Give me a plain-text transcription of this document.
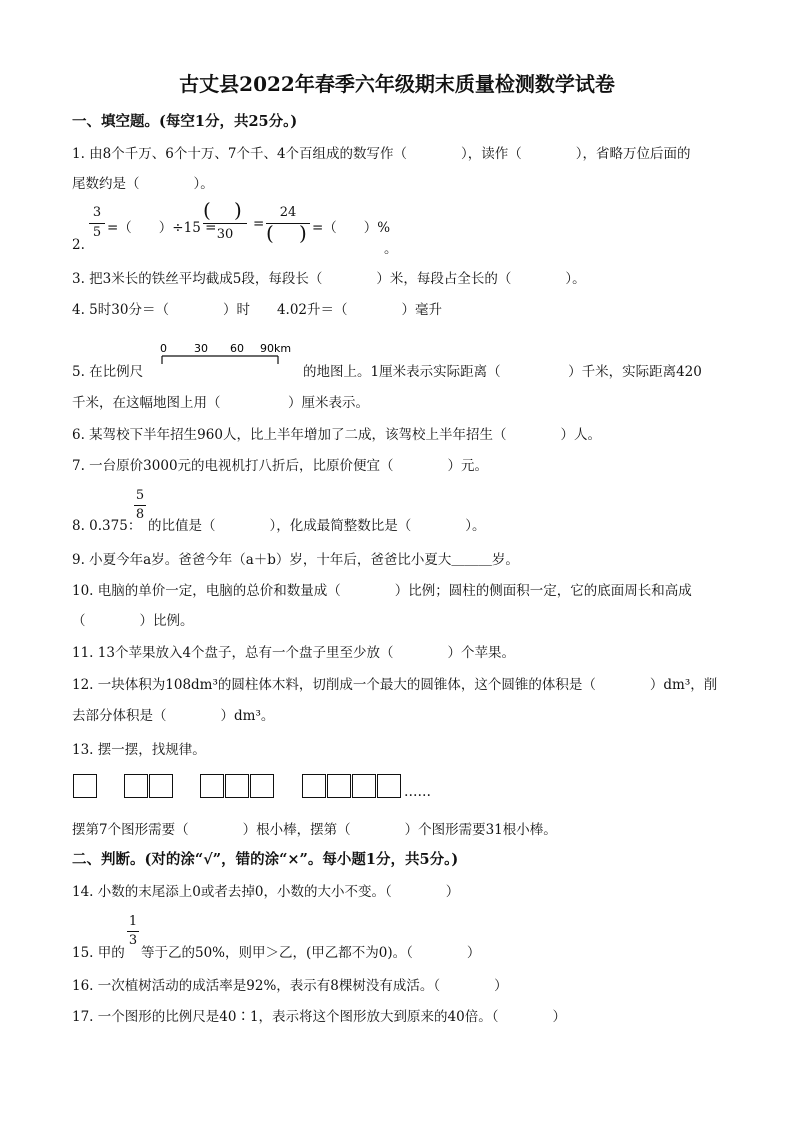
古丈县2022年春季六年级期末质量检测数学试卷
一、填空题。(每空1分，共25分。)
1. 由8个千万、6个十万、7个千、4个百组成的数写作（　　　　），读作（　　　　），省略万位后面的
尾数约是（　　　　）。
3
5 =（　　）÷15 =
( )
30
=
24
( ) =（　　）%
2.	。
3. 把3米长的铁丝平均截成5段，每段长（　　　　）米，每段占全长的（　　　　）。
4. 5时30分＝（　　　　）时　　4.02升＝（　　　　）毫升
5. 在比例尺
0 30 60 90km
的地图上。1厘米表示实际距离（　　　　　）千米，实际距离420
千米，在这幅地图上用（　　　　　）厘米表示。
6. 某驾校下半年招生960人，比上半年增加了二成，该驾校上半年招生（　　　　）人。
7. 一台原价3000元的电视机打八折后，比原价便宜（　　　　）元。
8. 0.375：
5
8
的比值是（　　　　），化成最简整数比是（　　　　）。
9. 小夏今年a岁。爸爸今年（a＋b）岁，十年后，爸爸比小夏大＿＿＿岁。
10. 电脑的单价一定，电脑的总价和数量成（　　　　）比例；圆柱的侧面积一定，它的底面周长和高成
（　　　　）比例。
11. 13个苹果放入4个盘子，总有一个盘子里至少放（　　　　）个苹果。
12. 一块体积为108dm³的圆柱体木料，切削成一个最大的圆锥体，这个圆锥的体积是（　　　　）dm³，削
去部分体积是（　　　　）dm³。
13. 摆一摆，找规律。
……
摆第7个图形需要（　　　　）根小棒，摆第（　　　　）个图形需要31根小棒。
二、判断。(对的涂“√”，错的涂“×”。每小题1分，共5分。)
14. 小数的末尾添上0或者去掉0，小数的大小不变。（　　　　）
15. 甲的
1
3
等于乙的50%，则甲＞乙，(甲乙都不为0)。（　　　　）
16. 一次植树活动的成活率是92%，表示有8棵树没有成活。（　　　　）
17. 一个图形的比例尺是40∶1，表示将这个图形放大到原来的40倍。（　　　　）
